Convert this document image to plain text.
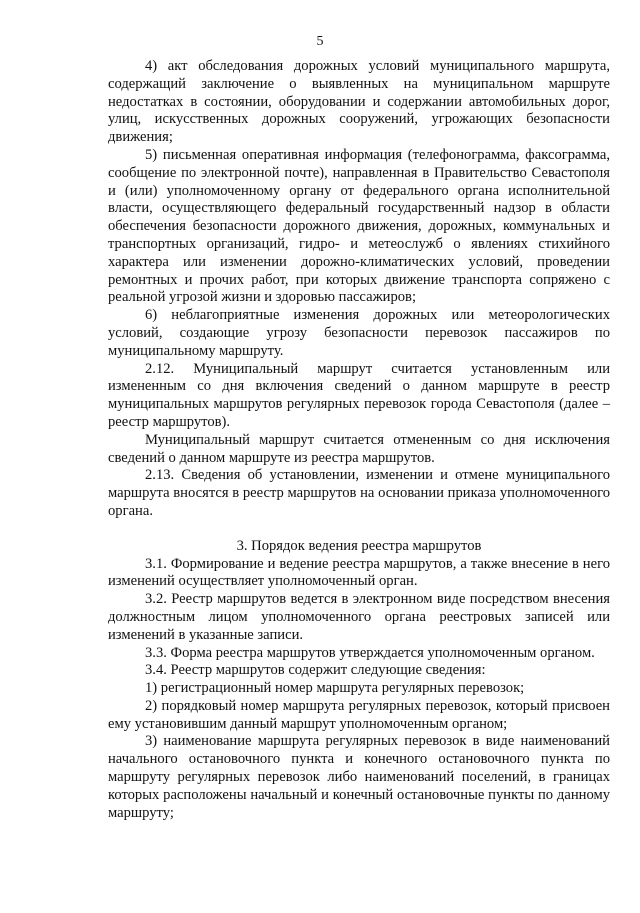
5

4) акт обследования дорожных условий муниципального маршрута, содержащий заключение о выявленных на муниципальном маршруте недостатках в состоянии, оборудовании и содержании автомобильных дорог, улиц, искусственных дорожных сооружений, угрожающих безопасности движения;

5) письменная оперативная информация (телефонограмма, факсограмма, сообщение по электронной почте), направленная в Правительство Севастополя и (или) уполномоченному органу от федерального органа исполнительной власти, осуществляющего федеральный государственный надзор в области обеспечения безопасности дорожного движения, дорожных, коммунальных и транспортных организаций, гидро- и метеослужб о явлениях стихийного характера или изменении дорожно-климатических условий, проведении ремонтных и прочих работ, при которых движение транспорта сопряжено с реальной угрозой жизни и здоровью пассажиров;

6) неблагоприятные изменения дорожных или метеорологических условий, создающие угрозу безопасности перевозок пассажиров по муниципальному маршруту.

2.12. Муниципальный маршрут считается установленным или измененным со дня включения сведений о данном маршруте в реестр муниципальных маршрутов регулярных перевозок города Севастополя (далее – реестр маршрутов).

Муниципальный маршрут считается отмененным со дня исключения сведений о данном маршруте из реестра маршрутов.

2.13. Сведения об установлении, изменении и отмене муниципального маршрута вносятся в реестр маршрутов на основании приказа уполномоченного органа.

3. Порядок ведения реестра маршрутов

3.1. Формирование и ведение реестра маршрутов, а также внесение в него изменений осуществляет уполномоченный орган.

3.2. Реестр маршрутов ведется в электронном виде посредством внесения должностным лицом уполномоченного органа реестровых записей или изменений в указанные записи.

3.3. Форма реестра маршрутов утверждается уполномоченным органом.

3.4. Реестр маршрутов содержит следующие сведения:

1) регистрационный номер маршрута регулярных перевозок;

2) порядковый номер маршрута регулярных перевозок, который присвоен ему установившим данный маршрут уполномоченным органом;

3) наименование маршрута регулярных перевозок в виде наименований начального остановочного пункта и конечного остановочного пункта по маршруту регулярных перевозок либо наименований поселений, в границах которых расположены начальный и конечный остановочные пункты по данному маршруту;
